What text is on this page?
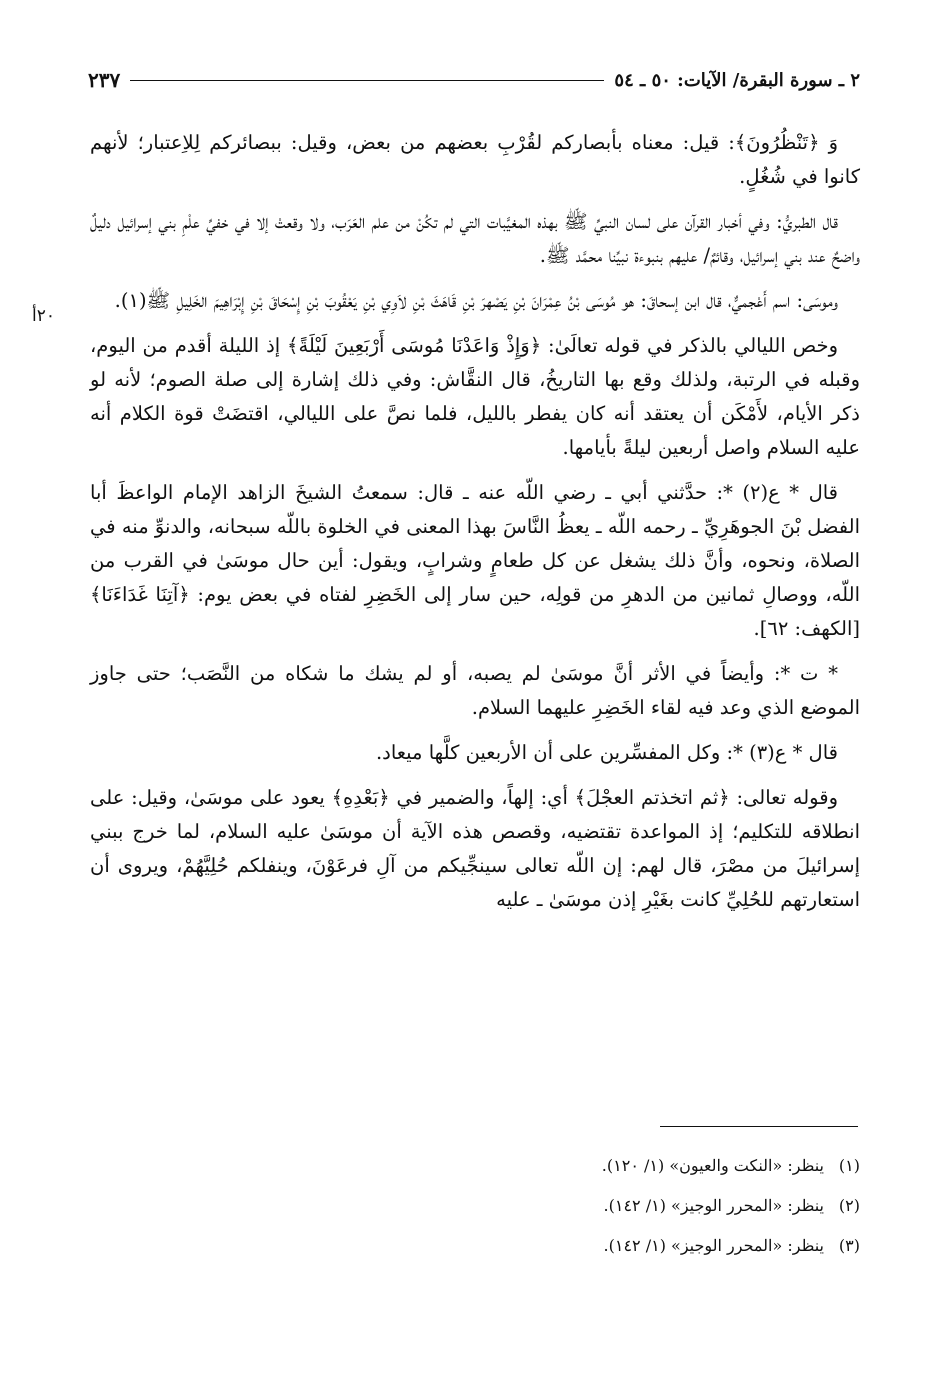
٢ ـ سورة البقرة/ الآيات: ٥٠ ـ ٥٤
٢٣٧
٢٠أ

وَ ﴿تَنْظُرُونَ﴾: قيل: معناه بأبصاركم لقُرْبِ بعضهم من بعض، وقيل: ببصائركم لِلاِعتبار؛ لأنهم كانوا في شُغُلٍ.

قال الطبريُّ: وفي أخبار القرآن على لسان النبيِّ ﷺ بهذه المغيَّبات التي لم تكُنْ من علم العَرَب، ولا وقعتْ إلا في خفيِّ علْمِ بني إسرائيل دليلٌ واضحٌ عند بني إسرائيل، وقائمٌ/ عليهم بنبوءة نبيِّنا محمَّد ﷺ.

وموسَى: اسم أَعْجميٌّ، قال ابن إسحاقَ: هو مُوسَى بْنُ عِمْرَانَ بْنِ يَصْهرَ بْنِ قَاهَثَ بْنِ لاَوِي بْنِ يَعْقُوبَ بْنِ إِسْحَاقَ بْنِ إِبْرَاهِيمَ الخَلِيلِ ﷺ(١).

وخص الليالي بالذكر في قوله تعالَىٰ: ﴿وَإِذْ وَاعَدْنَا مُوسَى أَرْبَعِينَ لَيْلَةً﴾ إذ الليلة أقدم من اليوم، وقبله في الرتبة، ولذلك وقع بها التاريخُ، قال النقَّاش: وفي ذلك إشارة إلى صلة الصوم؛ لأنه لو ذكر الأيام، لأَمْكَن أن يعتقد أنه كان يفطر بالليل، فلما نصَّ على الليالي، اقتضَتْ قوة الكلام أنه عليه السلام واصل أربعين ليلةً بأيامها.

قال * ع(٢) *: حدَّثني أبي ـ رضي اللّه عنه ـ قال: سمعتُ الشيخَ الزاهد الإمام الواعظَ أبا الفضل بْنَ الجوهَرِيِّ ـ رحمه اللّه ـ يعظُ النَّاسَ بهذا المعنى في الخلوة باللّه سبحانه، والدنوِّ منه في الصلاة، ونحوه، وأنَّ ذلك يشغل عن كل طعامٍ وشرابٍ، ويقول: أين حال موسَىٰ في القرب من اللّه، ووصالِ ثمانين من الدهرِ من قولِه، حين سار إلى الخَضِرِ لفتاه في بعض يوم: ﴿آتِنَا غَدَاءَنَا﴾ [الكهف: ٦٢].

* ت *: وأيضاً في الأثر أنَّ موسَىٰ لم يصبه، أو لم يشك ما شكاه من النَّصَب؛ حتى جاوز الموضع الذي وعد فيه لقاء الخَضِرِ عليهما السلام.

قال * ع(٣) *: وكل المفسِّرين على أن الأربعين كلَّها ميعاد.

وقوله تعالى: ﴿ثم اتخذتم العجْلَ﴾ أي: إلهاً، والضمير في ﴿بَعْدِهِ﴾ يعود على موسَىٰ، وقيل: على انطلاقه للتكليم؛ إذ المواعدة تقتضيه، وقصص هذه الآية أن موسَىٰ عليه السلام، لما خرج ببني إسرائيلَ من مصْرَ، قال لهم: إن اللّه تعالى سينجِّيكم من آلِ فرعَوْنَ، وينفلكم حُلِيَّهُمْ، ويروى أن استعارتهم للحُلِيِّ كانت بغَيْرِ إذن موسَىٰ ـ عليه

(١)
ينظر: «النكت والعيون» (١/ ١٢٠).
(٢)
ينظر: «المحرر الوجيز» (١/ ١٤٢).
(٣)
ينظر: «المحرر الوجيز» (١/ ١٤٢).
